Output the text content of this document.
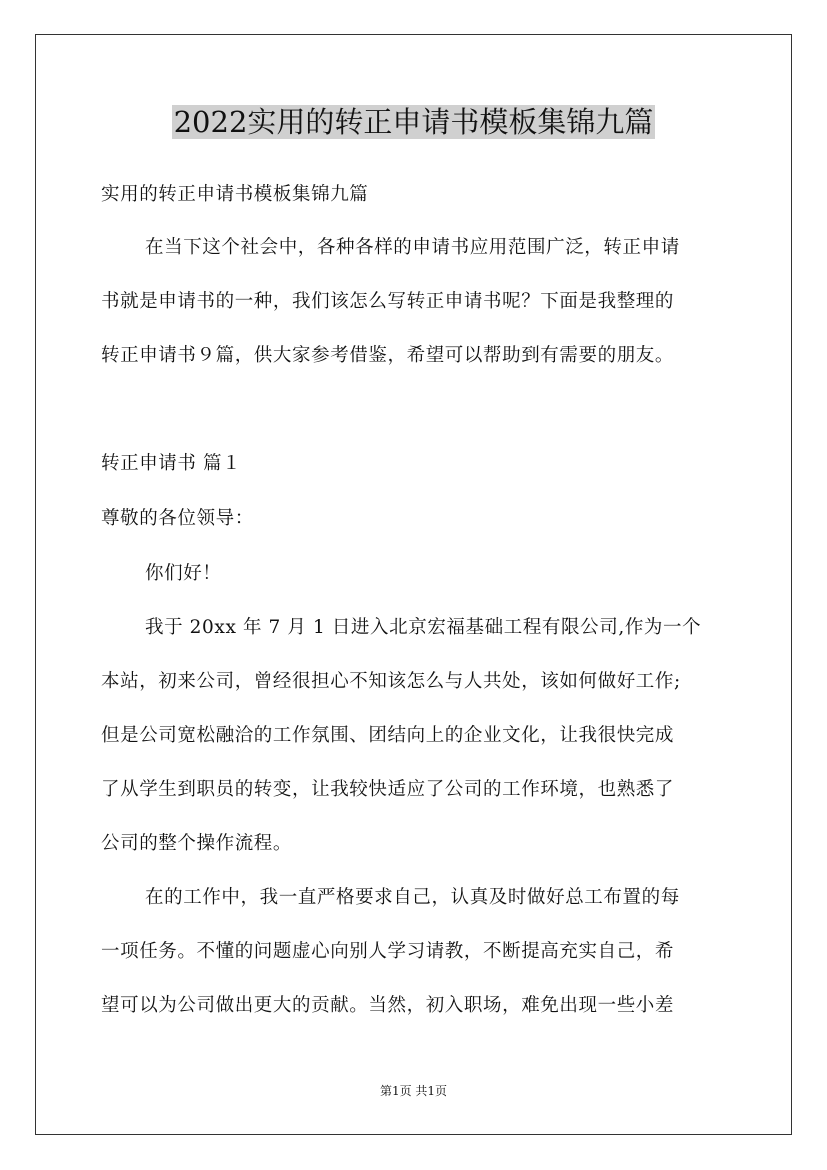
2022实用的转正申请书模板集锦九篇

实用的转正申请书模板集锦九篇

在当下这个社会中，各种各样的申请书应用范围广泛，转正申请

书就是申请书的一种，我们该怎么写转正申请书呢？下面是我整理的

转正申请书９篇，供大家参考借鉴，希望可以帮助到有需要的朋友。

转正申请书 篇１

尊敬的各位领导：

你们好！

我于 20xx 年 7 月 1 日进入北京宏福基础工程有限公司,作为一个

本站，初来公司，曾经很担心不知该怎么与人共处，该如何做好工作;

但是公司宽松融洽的工作氛围、团结向上的企业文化，让我很快完成

了从学生到职员的转变，让我较快适应了公司的工作环境，也熟悉了

公司的整个操作流程。

在的工作中，我一直严格要求自己，认真及时做好总工布置的每

一项任务。不懂的问题虚心向别人学习请教，不断提高充实自己，希

望可以为公司做出更大的贡献。当然，初入职场，难免出现一些小差

第1页 共1页
